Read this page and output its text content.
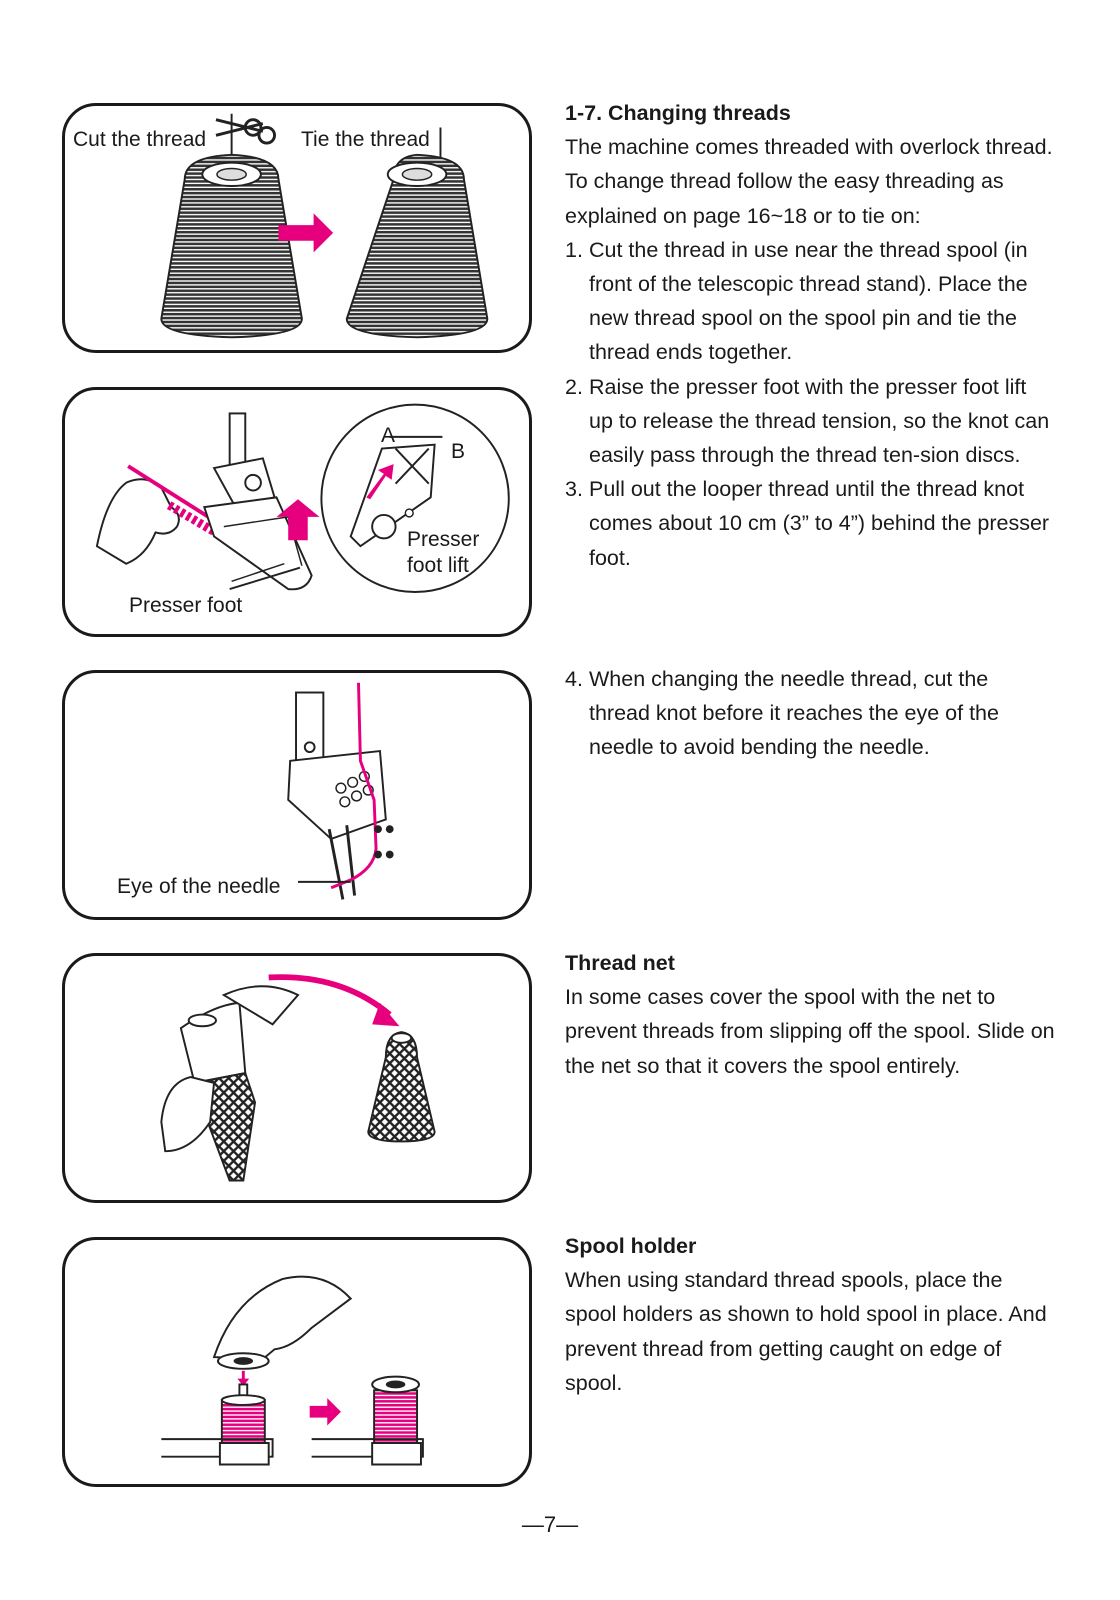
Cut the thread	Tie the thread
A
B
Presser
foot lift
Presser foot
Eye of the needle
1-7. Changing threads

The machine comes threaded with overlock thread. To change thread follow the easy threading as explained on page 16~18 or to tie on:

1. Cut the thread in use near the thread spool (in front of the telescopic thread stand). Place the new thread spool on the spool pin and tie the thread ends together.
2. Raise the presser foot with the presser foot lift up to release the thread tension, so the knot can easily pass through the thread ten-sion discs.
3. Pull out the looper thread until the thread knot comes about 10 cm (3” to 4”) behind the presser foot.
4. When changing the needle thread, cut the thread knot before it reaches the eye of the needle to avoid bending the needle.
Thread net

In some cases cover the spool with the net to prevent threads from slipping off the spool. Slide on the net so that it covers the spool entirely.

Spool holder

When using standard thread spools, place the spool holders as shown to hold spool in place. And prevent thread from getting caught on edge of spool.

—7—
